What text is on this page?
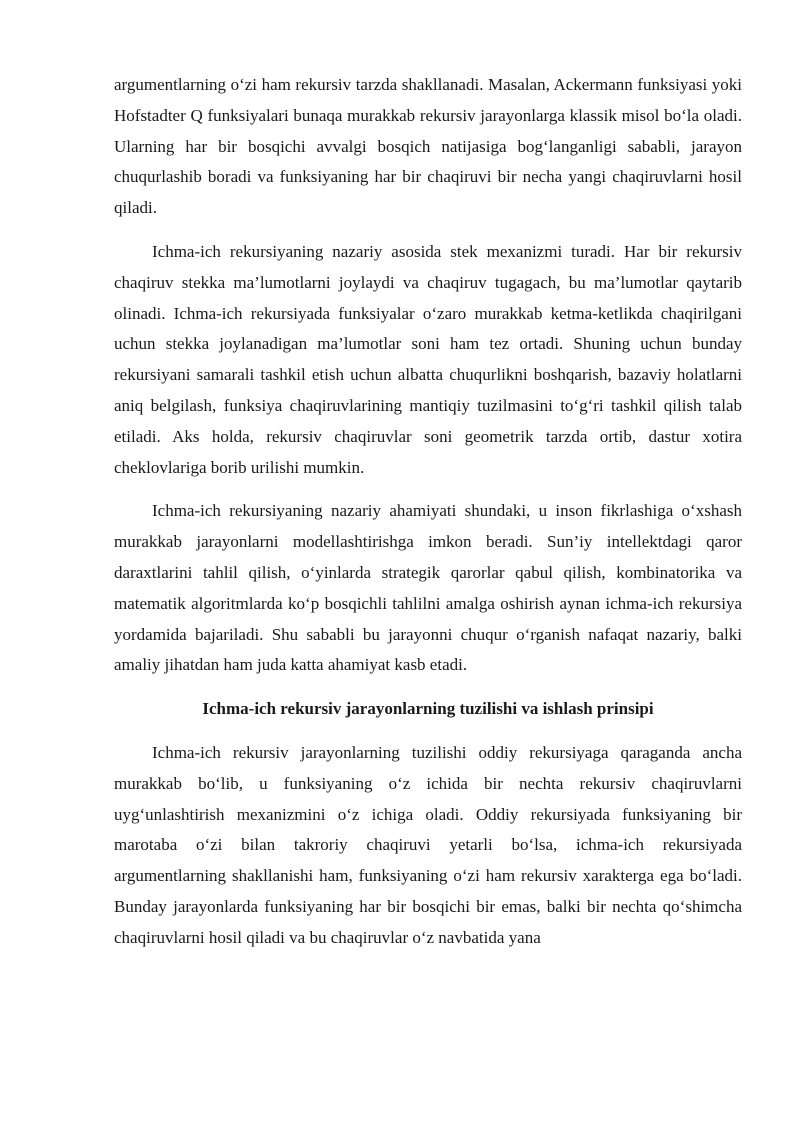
argumentlarning o‘zi ham rekursiv tarzda shakllanadi. Masalan, Ackermann funksiyasi yoki Hofstadter Q funksiyalari bunaqa murakkab rekursiv jarayonlarga klassik misol bo‘la oladi. Ularning har bir bosqichi avvalgi bosqich natijasiga bog‘langanligi sababli, jarayon chuqurlashib boradi va funksiyaning har bir chaqiruvi bir necha yangi chaqiruvlarni hosil qiladi.

Ichma-ich rekursiyaning nazariy asosida stek mexanizmi turadi. Har bir rekursiv chaqiruv stekka ma’lumotlarni joylaydi va chaqiruv tugagach, bu ma’lumotlar qaytarib olinadi. Ichma-ich rekursiyada funksiyalar o‘zaro murakkab ketma-ketlikda chaqirilgani uchun stekka joylanadigan ma’lumotlar soni ham tez ortadi. Shuning uchun bunday rekursiyani samarali tashkil etish uchun albatta chuqurlikni boshqarish, bazaviy holatlarni aniq belgilash, funksiya chaqiruvlarining mantiqiy tuzilmasini to‘g‘ri tashkil qilish talab etiladi. Aks holda, rekursiv chaqiruvlar soni geometrik tarzda ortib, dastur xotira cheklovlariga borib urilishi mumkin.

Ichma-ich rekursiyaning nazariy ahamiyati shundaki, u inson fikrlashiga o‘xshash murakkab jarayonlarni modellashtirishga imkon beradi. Sun’iy intellektdagi qaror daraxtlarini tahlil qilish, o‘yinlarda strategik qarorlar qabul qilish, kombinatorika va matematik algoritmlarda ko‘p bosqichli tahlilni amalga oshirish aynan ichma-ich rekursiya yordamida bajariladi. Shu sababli bu jarayonni chuqur o‘rganish nafaqat nazariy, balki amaliy jihatdan ham juda katta ahamiyat kasb etadi.

Ichma-ich rekursiv jarayonlarning tuzilishi va ishlash prinsipi

Ichma-ich rekursiv jarayonlarning tuzilishi oddiy rekursiyaga qaraganda ancha murakkab bo‘lib, u funksiyaning o‘z ichida bir nechta rekursiv chaqiruvlarni uyg‘unlashtirish mexanizmini o‘z ichiga oladi. Oddiy rekursiyada funksiyaning bir marotaba o‘zi bilan takroriy chaqiruvi yetarli bo‘lsa, ichma-ich rekursiyada argumentlarning shakllanishi ham, funksiyaning o‘zi ham rekursiv xarakterga ega bo‘ladi. Bunday jarayonlarda funksiyaning har bir bosqichi bir emas, balki bir nechta qo‘shimcha chaqiruvlarni hosil qiladi va bu chaqiruvlar o‘z navbatida yana
